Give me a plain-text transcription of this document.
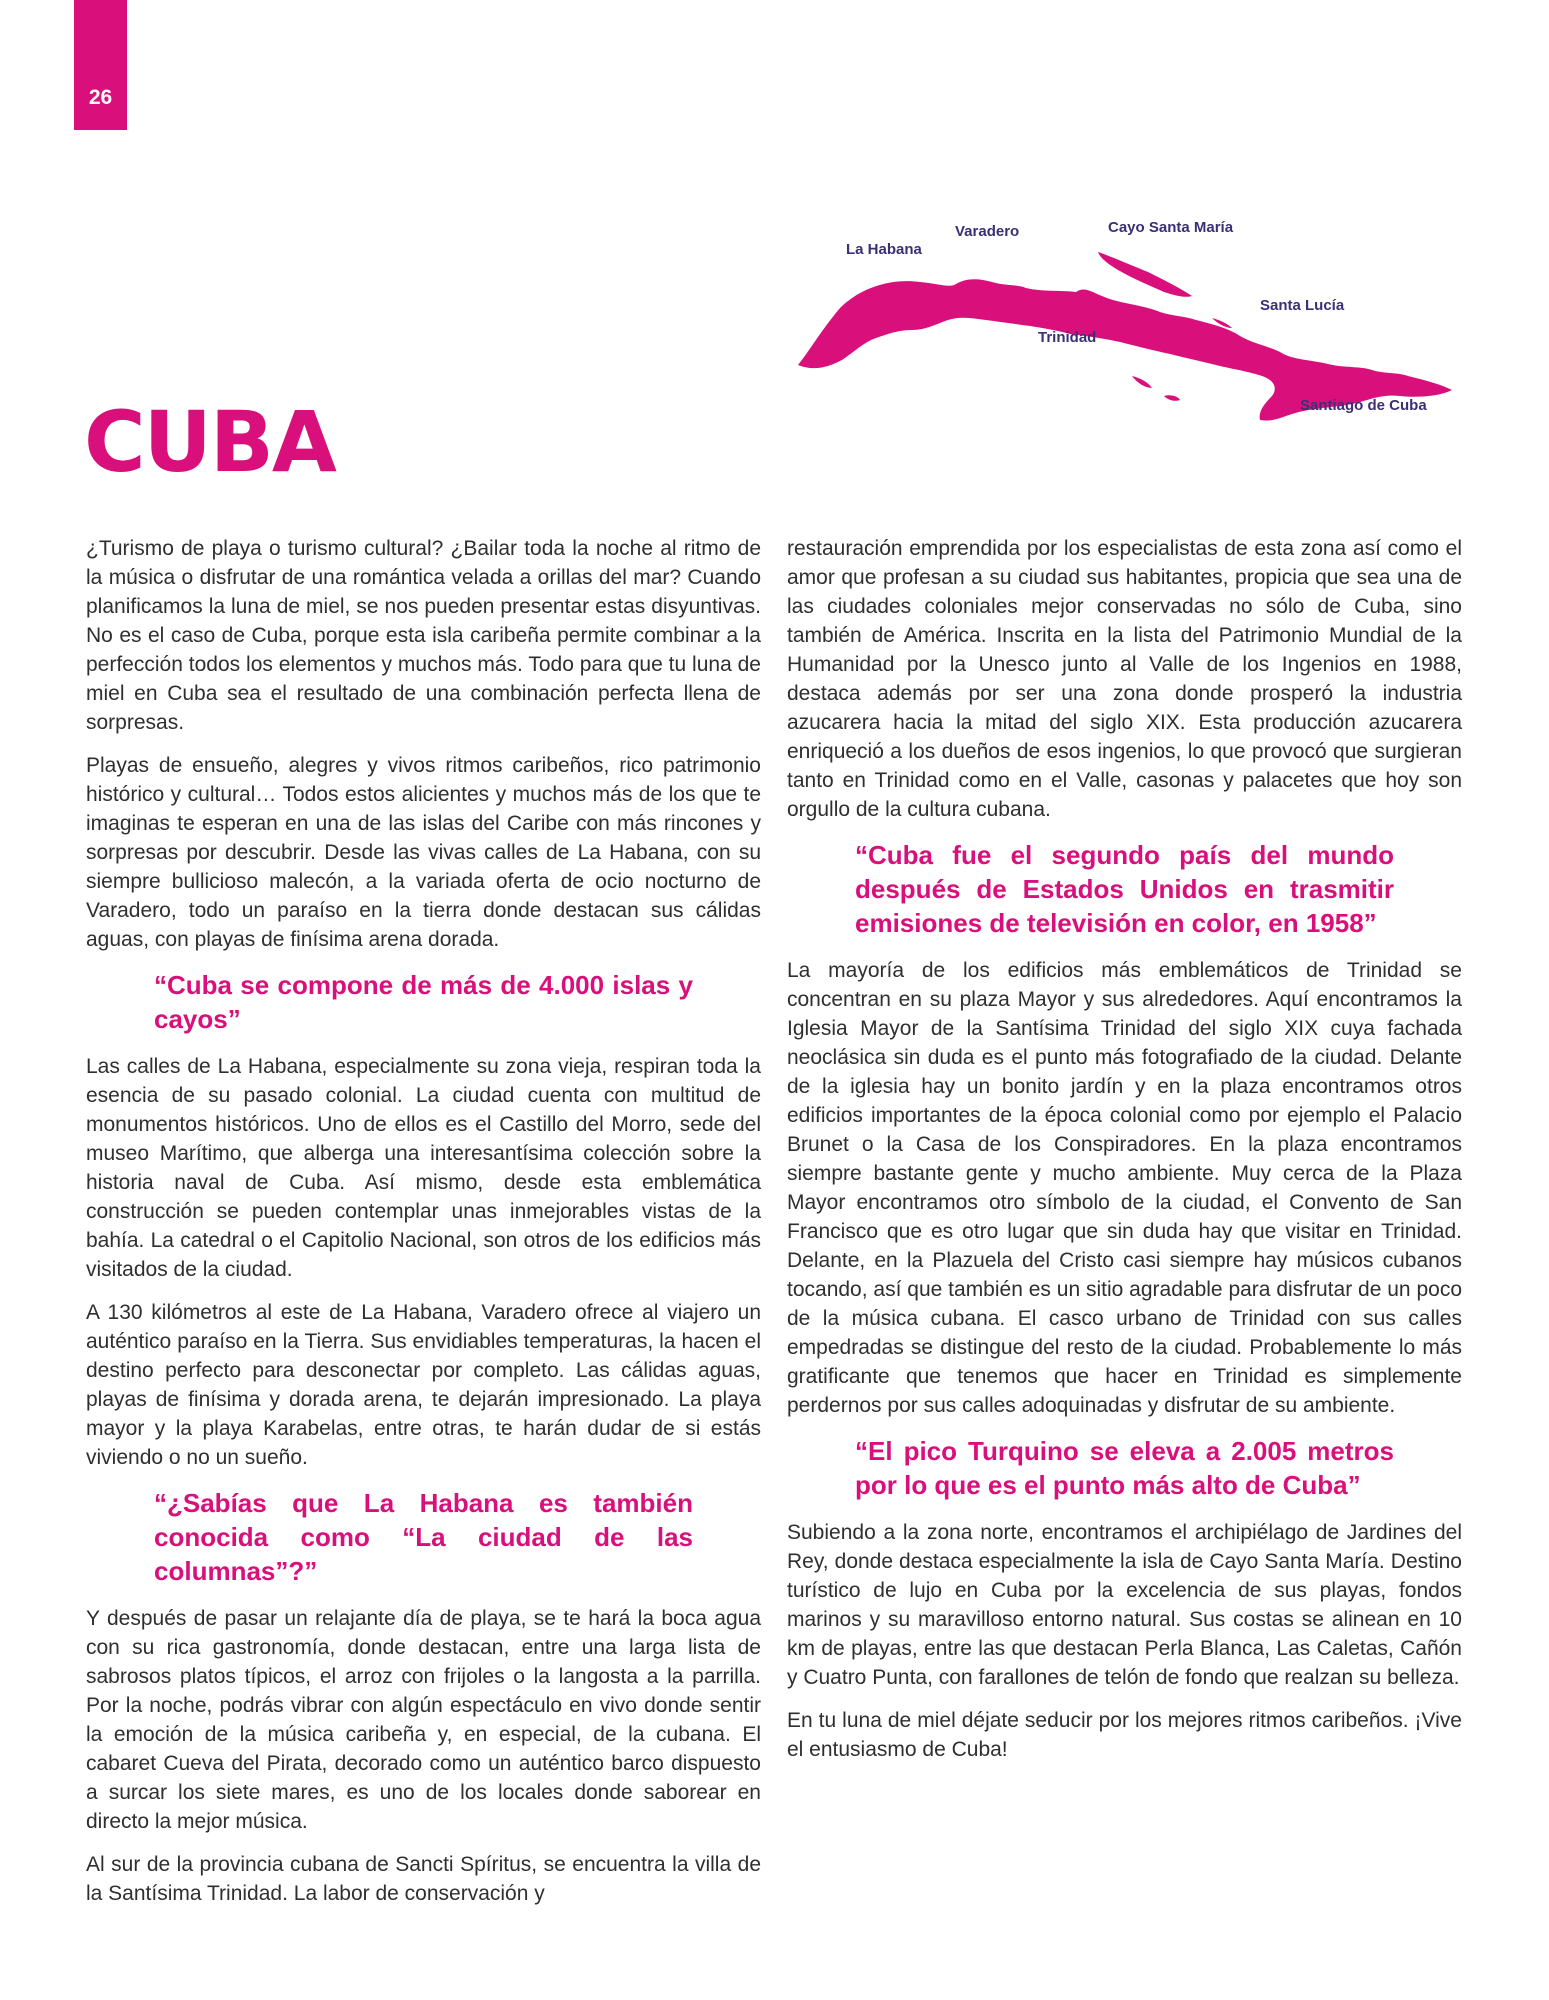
26
La Habana
Varadero	Cayo Santa María
Santa Lucía
Trinidad
Santiago de Cuba
CUBA

¿Turismo de playa o turismo cultural? ¿Bailar toda la noche al ritmo de la música o disfrutar de una romántica velada a orillas del mar? Cuando planificamos la luna de miel, se nos pueden presentar estas disyuntivas. No es el caso de Cuba, porque esta isla caribeña permite combinar a la perfección todos los elementos y muchos más. Todo para que tu luna de miel en Cuba sea el resultado de una combinación perfecta llena de sorpresas.

Playas de ensueño, alegres y vivos ritmos caribeños, rico patrimonio histórico y cultural… Todos estos alicientes y muchos más de los que te imaginas te esperan en una de las islas del Caribe con más rincones y sorpresas por descubrir. Desde las vivas calles de La Habana, con su siempre bullicioso malecón, a la variada oferta de ocio nocturno de Varadero, todo un paraíso en la tierra donde destacan sus cálidas aguas, con playas de finísima arena dorada.

“Cuba se compone de más de 4.000 islas y cayos”

Las calles de La Habana, especialmente su zona vieja, respiran toda la esencia de su pasado colonial. La ciudad cuenta con multitud de monumentos históricos. Uno de ellos es el Castillo del Morro, sede del museo Marítimo, que alberga una interesantísima colección sobre la historia naval de Cuba. Así mismo, desde esta emblemática construcción se pueden contemplar unas inmejorables vistas de la bahía. La catedral o el Capitolio Nacional, son otros de los edificios más visitados de la ciudad.

A 130 kilómetros al este de La Habana, Varadero ofrece al viajero un auténtico paraíso en la Tierra. Sus envidiables temperaturas, la hacen el destino perfecto para desconectar por completo. Las cálidas aguas, playas de finísima y dorada arena, te dejarán impresionado. La playa mayor y la playa Karabelas, entre otras, te harán dudar de si estás viviendo o no un sueño.

“¿Sabías que La Habana es también conocida como “La ciudad de las columnas”?”

Y después de pasar un relajante día de playa, se te hará la boca agua con su rica gastronomía, donde destacan, entre una larga lista de sabrosos platos típicos, el arroz con frijoles o la langosta a la parrilla. Por la noche, podrás vibrar con algún espectáculo en vivo donde sentir la emoción de la música caribeña y, en especial, de la cubana. El cabaret Cueva del Pirata, decorado como un auténtico barco dispuesto a surcar los siete mares, es uno de los locales donde saborear en directo la mejor música.

Al sur de la provincia cubana de Sancti Spíritus, se encuentra la villa de la Santísima Trinidad. La labor de conservación y

restauración emprendida por los especialistas de esta zona así como el amor que profesan a su ciudad sus habitantes, propicia que sea una de las ciudades coloniales mejor conservadas no sólo de Cuba, sino también de América. Inscrita en la lista del Patrimonio Mundial de la Humanidad por la Unesco junto al Valle de los Ingenios en 1988, destaca además por ser una zona donde prosperó la industria azucarera hacia la mitad del siglo XIX. Esta producción azucarera enriqueció a los dueños de esos ingenios, lo que provocó que surgieran tanto en Trinidad como en el Valle, casonas y palacetes que hoy son orgullo de la cultura cubana.

“Cuba fue el segundo país del mundo después de Estados Unidos en trasmitir emisiones de televisión en color, en 1958”

La mayoría de los edificios más emblemáticos de Trinidad se concentran en su plaza Mayor y sus alrededores. Aquí encontramos la Iglesia Mayor de la Santísima Trinidad del siglo XIX cuya fachada neoclásica sin duda es el punto más fotografiado de la ciudad. Delante de la iglesia hay un bonito jardín y en la plaza encontramos otros edificios importantes de la época colonial como por ejemplo el Palacio Brunet o la Casa de los Conspiradores. En la plaza encontramos siempre bastante gente y mucho ambiente. Muy cerca de la Plaza Mayor encontramos otro símbolo de la ciudad, el Convento de San Francisco que es otro lugar que sin duda hay que visitar en Trinidad. Delante, en la Plazuela del Cristo casi siempre hay músicos cubanos tocando, así que también es un sitio agradable para disfrutar de un poco de la música cubana. El casco urbano de Trinidad con sus calles empedradas se distingue del resto de la ciudad. Probablemente lo más gratificante que tenemos que hacer en Trinidad es simplemente perdernos por sus calles adoquinadas y disfrutar de su ambiente.

“El pico Turquino se eleva a 2.005 metros por lo que es el punto más alto de Cuba”

Subiendo a la zona norte, encontramos el archipiélago de Jardines del Rey, donde destaca especialmente la isla de Cayo Santa María. Destino turístico de lujo en Cuba por la excelencia de sus playas, fondos marinos y su maravilloso entorno natural. Sus costas se alinean en 10 km de playas, entre las que destacan Perla Blanca, Las Caletas, Cañón y Cuatro Punta, con farallones de telón de fondo que realzan su belleza.

En tu luna de miel déjate seducir por los mejores ritmos caribeños. ¡Vive el entusiasmo de Cuba!
